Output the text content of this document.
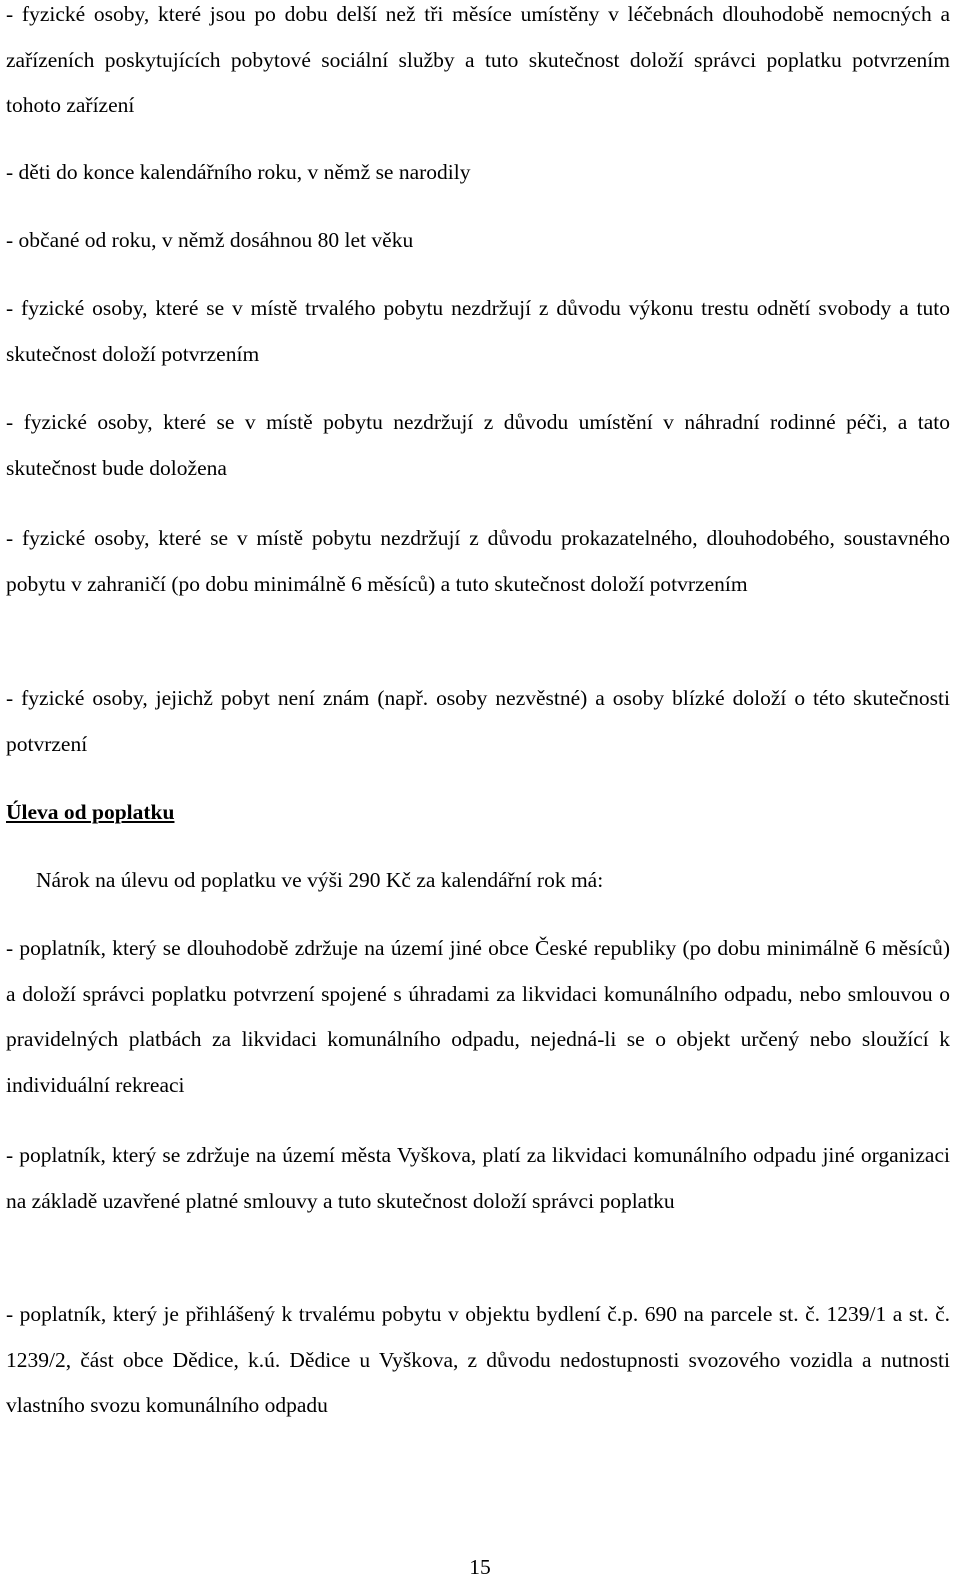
- fyzické osoby, které jsou po dobu delší než tři měsíce umístěny v léčebnách dlouhodobě nemocných a zařízeních poskytujících pobytové sociální služby a tuto skutečnost doloží správci poplatku potvrzením tohoto zařízení

- děti do konce kalendářního roku, v němž se narodily

- občané od roku, v němž dosáhnou 80 let věku

- fyzické osoby, které se v místě trvalého pobytu nezdržují z důvodu výkonu trestu odnětí svobody a tuto skutečnost doloží potvrzením

- fyzické osoby, které se v místě pobytu nezdržují z důvodu umístění v náhradní rodinné péči, a tato skutečnost bude doložena

- fyzické osoby, které se v místě pobytu nezdržují z důvodu prokazatelného, dlouhodobého, soustavného pobytu v zahraničí (po dobu minimálně 6 měsíců) a tuto skutečnost doloží potvrzením

- fyzické osoby, jejichž pobyt není znám (např. osoby nezvěstné) a osoby blízké doloží o této skutečnosti potvrzení

Úleva od poplatku

Nárok na úlevu od poplatku ve výši 290 Kč za kalendářní rok má:

- poplatník, který se dlouhodobě zdržuje na území jiné obce České republiky (po dobu minimálně 6 měsíců) a doloží správci poplatku potvrzení spojené s úhradami za likvidaci komunálního odpadu, nebo smlouvou o pravidelných platbách za likvidaci komunálního odpadu, nejedná-li se o objekt určený nebo sloužící k individuální rekreaci

- poplatník, který se zdržuje na území města Vyškova, platí za likvidaci komunálního odpadu jiné organizaci na základě uzavřené platné smlouvy a tuto skutečnost doloží správci poplatku

- poplatník, který je přihlášený k trvalému pobytu v objektu bydlení č.p. 690 na parcele st. č. 1239/1 a st. č. 1239/2, část obce Dědice, k.ú. Dědice u Vyškova, z důvodu nedostupnosti svozového vozidla a nutnosti vlastního svozu komunálního odpadu

15
